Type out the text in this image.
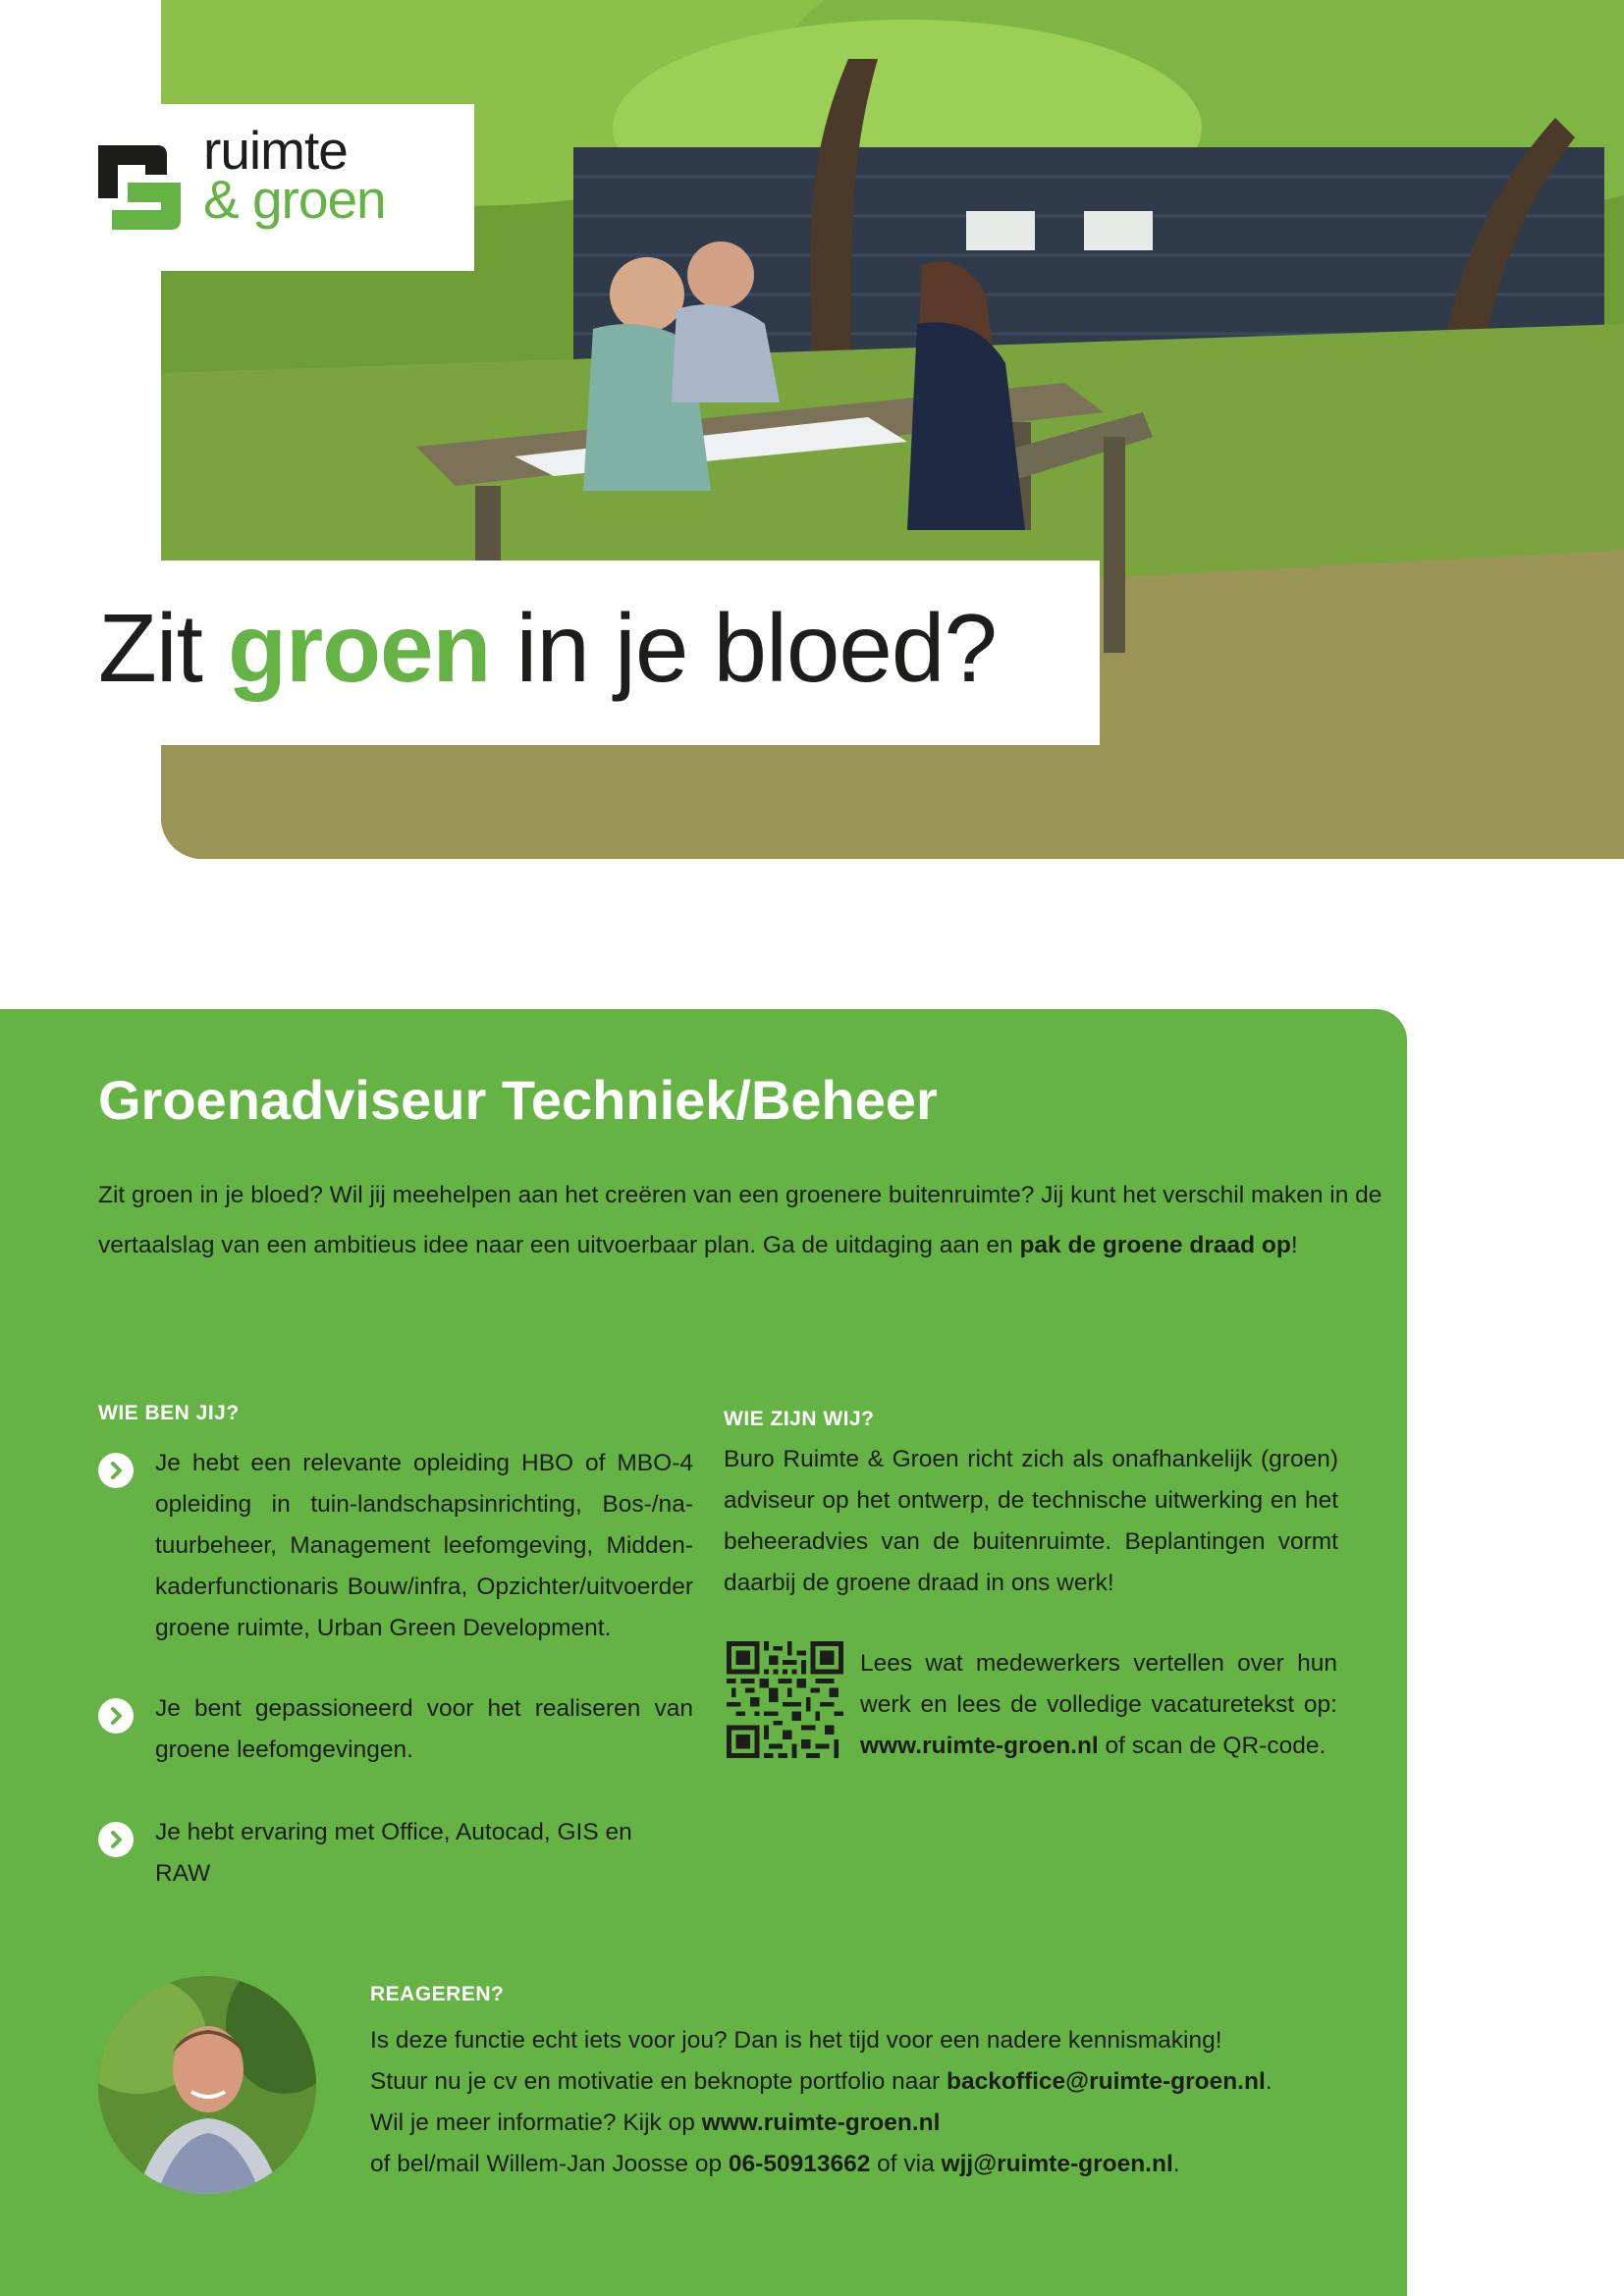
ruimte
& groen
Zit groen in je bloed?
Groenadviseur Techniek/Beheer

Zit groen in je bloed? Wil jij meehelpen aan het creëren van een groenere buitenruimte? Jij kunt het verschil maken in de vertaalslag van een ambitieus idee naar een uitvoerbaar plan. Ga de uitdaging aan en pak de groene draad op!

WIE BEN JIJ?

Je hebt een relevante opleiding HBO of MBO-4 opleiding in tuin-landschapsinrichting, Bos-/natuurbeheer, Management leefomgeving, Middenkaderfunctionaris Bouw/infra, Opzichter/uitvoerder groene ruimte, Urban Green Development.

Je bent gepassioneerd voor het realiseren van groene leefomgevingen.

Je hebt ervaring met Office, Autocad, GIS en RAW

WIE ZIJN WIJ?

Buro Ruimte & Groen richt zich als onafhankelijk (groen) adviseur op het ontwerp, de technische uitwerking en het beheeradvies van de buitenruimte. Beplantingen vormt daarbij de groene draad in ons werk!

Lees wat medewerkers vertellen over hun werk en lees de volledige vacaturetekst op: www.ruimte-groen.nl of scan de QR-code.

REAGEREN?

Is deze functie echt iets voor jou? Dan is het tijd voor een nadere kennismaking!

Stuur nu je cv en motivatie en beknopte portfolio naar backoffice@ruimte-groen.nl.

Wil je meer informatie? Kijk op www.ruimte-groen.nl

of bel/mail Willem-Jan Joosse op 06-50913662 of via wjj@ruimte-groen.nl.
